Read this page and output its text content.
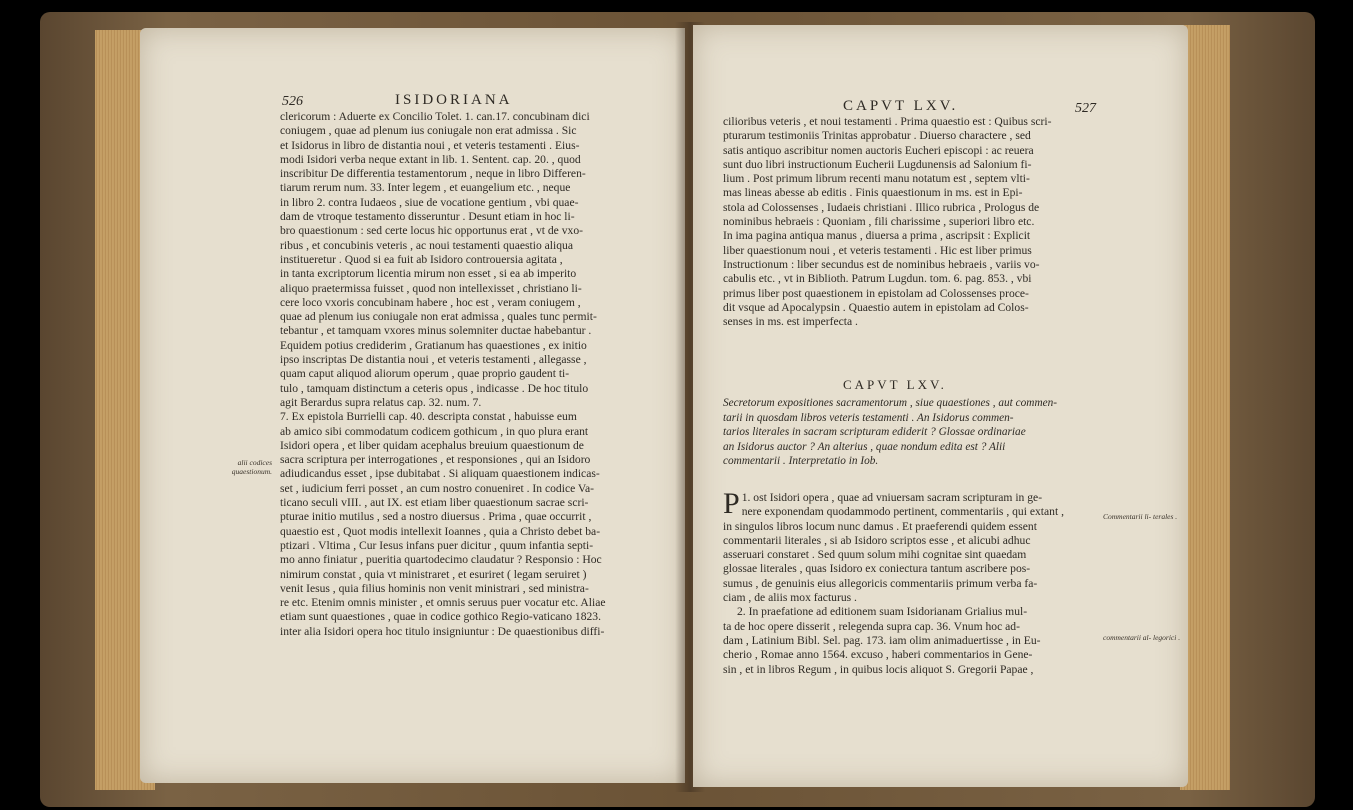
526	ISIDORIANA
clericorum : Aduerte ex Concilio Tolet. 1. can.17. concubinam dici
coniugem , quae ad plenum ius coniugale non erat admissa . Sic
et Isidorus in libro de distantia noui , et veteris testamenti . Eius-
modi Isidori verba neque extant in lib. 1. Sentent. cap. 20. , quod
inscribitur De differentia testamentorum , neque in libro Differen-
tiarum rerum num. 33. Inter legem , et euangelium etc. , neque
in libro 2. contra Iudaeos , siue de vocatione gentium , vbi quae-
dam de vtroque testamento disseruntur . Desunt etiam in hoc li-
bro quaestionum : sed certe locus hic opportunus erat , vt de vxo-
ribus , et concubinis veteris , ac noui testamenti quaestio aliqua
institueretur . Quod si ea fuit ab Isidoro controuersia agitata ,
in tanta excriptorum licentia mirum non esset , si ea ab imperito
aliquo praetermissa fuisset , quod non intellexisset , christiano li-
cere loco vxoris concubinam habere , hoc est , veram coniugem ,
quae ad plenum ius coniugale non erat admissa , quales tunc permit-
tebantur , et tamquam vxores minus solemniter ductae habebantur .
Equidem potius crediderim , Gratianum has quaestiones , ex initio
ipso inscriptas De distantia noui , et veteris testamenti , allegasse ,
quam caput aliquod aliorum operum , quae proprio gaudent ti-
tulo , tamquam distinctum a ceteris opus , indicasse . De hoc titulo
agit Berardus supra relatus cap. 32. num. 7.
7. Ex epistola Burrielli cap. 40. descripta constat , habuisse eum
ab amico sibi commodatum codicem gothicum , in quo plura erant
Isidori opera , et liber quidam acephalus breuium quaestionum de
sacra scriptura per interrogationes , et responsiones , qui an Isidoro
adiudicandus esset , ipse dubitabat . Si aliquam quaestionem indicas-
set , iudicium ferri posset , an cum nostro conueniret . In codice Va-
ticano seculi vIII. , aut IX. est etiam liber quaestionum sacrae scri-
pturae initio mutilus , sed a nostro diuersus . Prima , quae occurrit ,
quaestio est , Quot modis intellexit Ioannes , quia a Christo debet ba-
ptizari . Vltima , Cur Iesus infans puer dicitur , quum infantia septi-
mo anno finiatur , pueritia quartodecimo claudatur ? Responsio : Hoc
nimirum constat , quia vt ministraret , et esuriret ( legam seruiret )
venit Iesus , quia filius hominis non venit ministrari , sed ministra-
re etc. Etenim omnis minister , et omnis seruus puer vocatur etc. Aliae
etiam sunt quaestiones , quae in codice gothico Regio-vaticano 1823.
inter alia Isidori opera hoc titulo insigniuntur : De quaestionibus diffi-
alii codices quaestionum.
CAPVT LXV.	527
cilioribus veteris , et noui testamenti . Prima quaestio est : Quibus scri-
pturarum testimoniis Trinitas approbatur . Diuerso charactere , sed
satis antiquo ascribitur nomen auctoris Eucheri episcopi : ac reuera
sunt duo libri instructionum Eucherii Lugdunensis ad Salonium fi-
lium . Post primum librum recenti manu notatum est , septem vlti-
mas lineas abesse ab editis . Finis quaestionum in ms. est in Epi-
stola ad Colossenses , Iudaeis christiani . Illico rubrica , Prologus de
nominibus hebraeis : Quoniam , fili charissime , superiori libro etc.
In ima pagina antiqua manus , diuersa a prima , ascripsit : Explicit
liber quaestionum noui , et veteris testamenti . Hic est liber primus
Instructionum : liber secundus est de nominibus hebraeis , variis vo-
cabulis etc. , vt in Biblioth. Patrum Lugdun. tom. 6. pag. 853. , vbi
primus liber post quaestionem in epistolam ad Colossenses proce-
dit vsque ad Apocalypsin . Quaestio autem in epistolam ad Colos-
senses in ms. est imperfecta .
CAPVT LXV.
Secretorum expositiones sacramentorum , siue quaestiones , aut commen-
tarii in quosdam libros veteris testamenti . An Isidorus commen-
tarios literales in sacram scripturam ediderit ? Glossae ordinariae
an Isidorus auctor ? An alterius , quae nondum edita est ? Alii
commentarii . Interpretatio in Iob.

1.
P ost Isidori opera , quae ad vniuersam sacram scripturam in ge-
nere exponendam quodammodo pertinent, commentariis , qui extant ,
in singulos libros locum nunc damus . Et praeferendi quidem essent
commentarii literales , si ab Isidoro scriptos esse , et alicubi adhuc
asseruari constaret . Sed quum solum mihi cognitae sint quaedam
glossae literales , quas Isidoro ex coniectura tantum ascribere pos-
sumus , de genuinis eius allegoricis commentariis primum verba fa-
ciam , de aliis mox facturus .

2. In praefatione ad editionem suam Isidorianam Grialius mul-
ta de hoc opere disserit , relegenda supra cap. 36. Vnum hoc ad-
dam , Latinium Bibl. Sel. pag. 173. iam olim animaduertisse , in Eu-
cherio , Romae anno 1564. excuso , haberi commentarios in Gene-
sin , et in libros Regum , in quibus locis aliquot S. Gregorii Papae ,

Commentarii li- terales .
commentarii al- legorici .
